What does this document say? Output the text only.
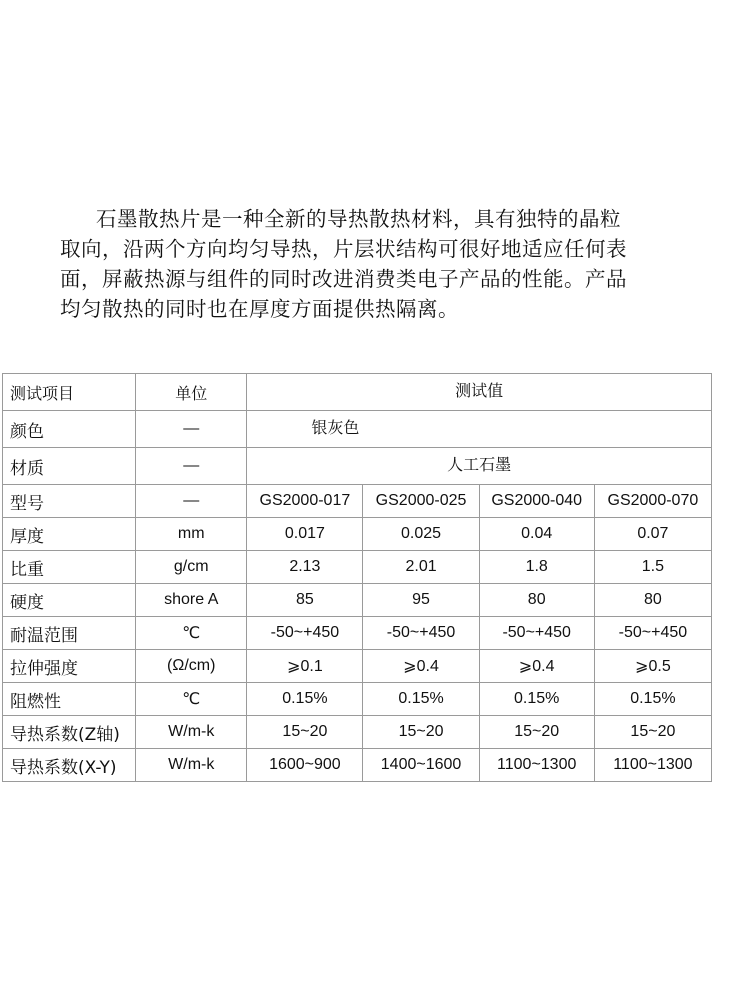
石墨散热片是一种全新的导热散热材料，具有独特的晶粒
取向，沿两个方向均匀导热，片层状结构可很好地适应任何表
面，屏蔽热源与组件的同时改进消费类电子产品的性能。产品
均匀散热的同时也在厚度方面提供热隔离。

测试项目	单位	测试值			
颜色	—	银灰色			
材质	—	人工石墨			
型号	—	GS2000-017	GS2000-025	GS2000-040	GS2000-070
厚度	mm	0.017	0.025	0.04	0.07
比重	g/cm	2.13	2.01	1.8	1.5
硬度	shore A	85	95	80	80
耐温范围	℃	-50~+450	-50~+450	-50~+450	-50~+450
拉伸强度	(Ω/cm)	⩾0.1	⩾0.4	⩾0.4	⩾0.5
阻燃性	℃	0.15%	0.15%	0.15%	0.15%
导热系数(Z轴)	W/m-k	15~20	15~20	15~20	15~20
导热系数(X-Y)	W/m-k	1600~900	1400~1600	1100~1300	1100~1300
